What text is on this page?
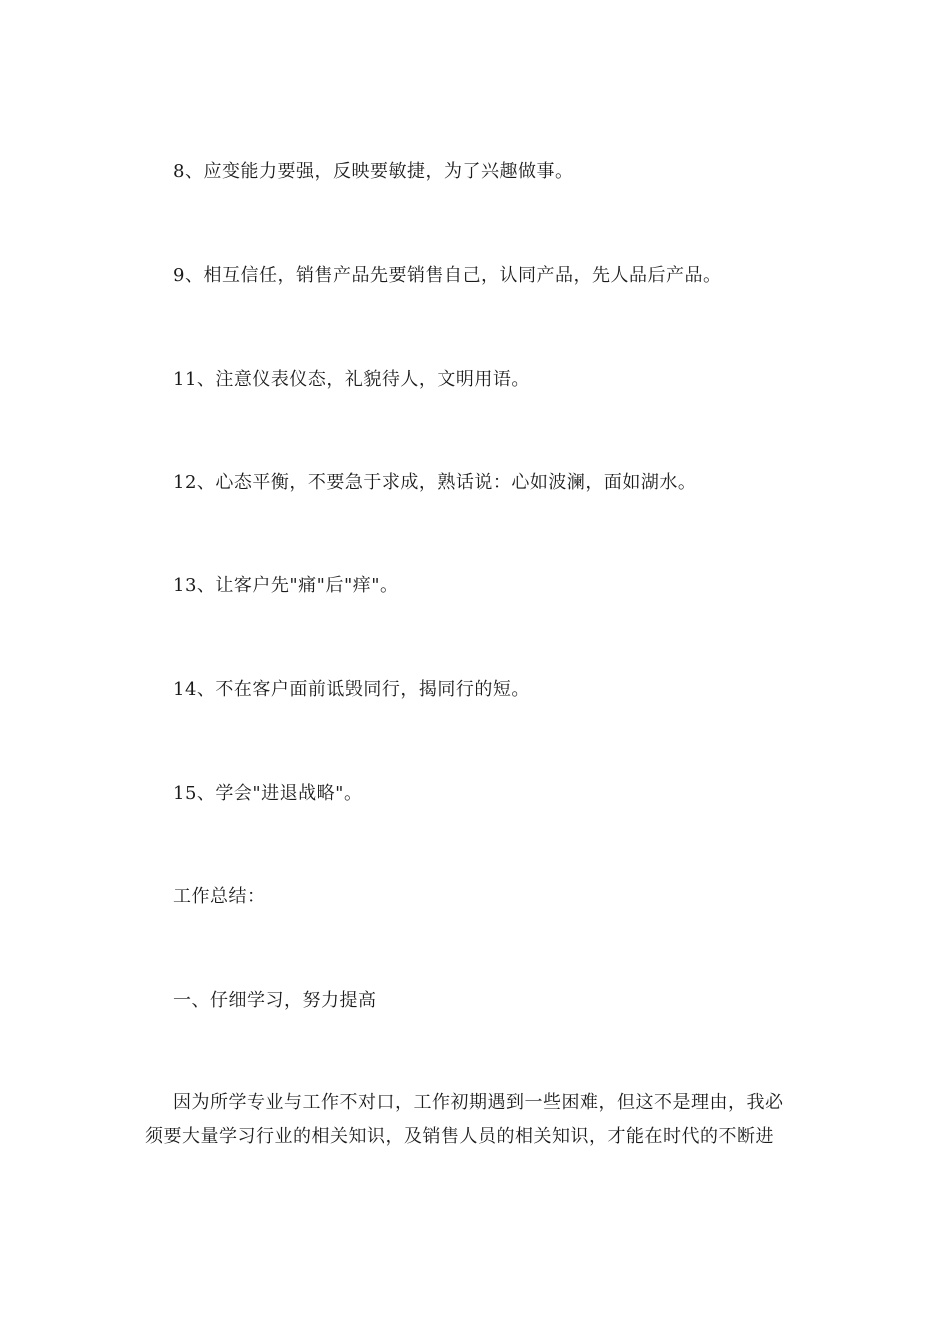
8、应变能力要强，反映要敏捷，为了兴趣做事。
9、相互信任，销售产品先要销售自己，认同产品，先人品后产品。
11、注意仪表仪态，礼貌待人，文明用语。
12、心态平衡，不要急于求成，熟话说：心如波澜，面如湖水。
13、让客户先"痛"后"痒"。
14、不在客户面前诋毁同行，揭同行的短。
15、学会"进退战略"。
工作总结：
一、仔细学习，努力提高
因为所学专业与工作不对口，工作初期遇到一些困难，但这不是理由，我必
须要大量学习行业的相关知识，及销售人员的相关知识，才能在时代的不断进
